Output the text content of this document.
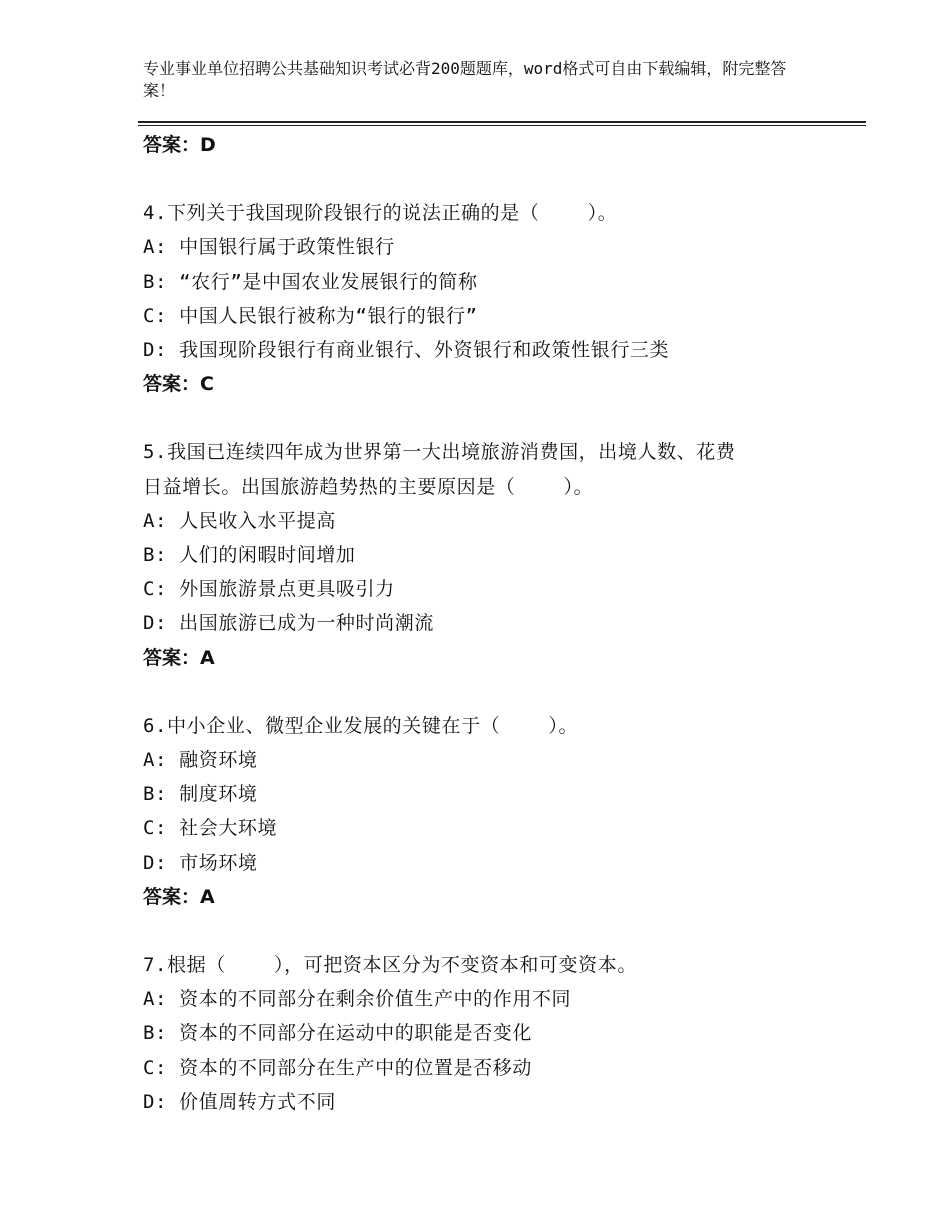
专业事业单位招聘公共基础知识考试必背200题题库，word格式可自由下载编辑，附完整答案！
答案：D
4.下列关于我国现阶段银行的说法正确的是（    ）。
A: 中国银行属于政策性银行
B: “农行”是中国农业发展银行的简称
C: 中国人民银行被称为“银行的银行”
D: 我国现阶段银行有商业银行、外资银行和政策性银行三类
答案：C
5.我国已连续四年成为世界第一大出境旅游消费国，出境人数、花费
日益增长。出国旅游趋势热的主要原因是（    ）。
A: 人民收入水平提高
B: 人们的闲暇时间增加
C: 外国旅游景点更具吸引力
D: 出国旅游已成为一种时尚潮流
答案：A
6.中小企业、微型企业发展的关键在于（    ）。
A: 融资环境
B: 制度环境
C: 社会大环境
D: 市场环境
答案：A
7.根据（    ），可把资本区分为不变资本和可变资本。
A: 资本的不同部分在剩余价值生产中的作用不同
B: 资本的不同部分在运动中的职能是否变化
C: 资本的不同部分在生产中的位置是否移动
D: 价值周转方式不同
